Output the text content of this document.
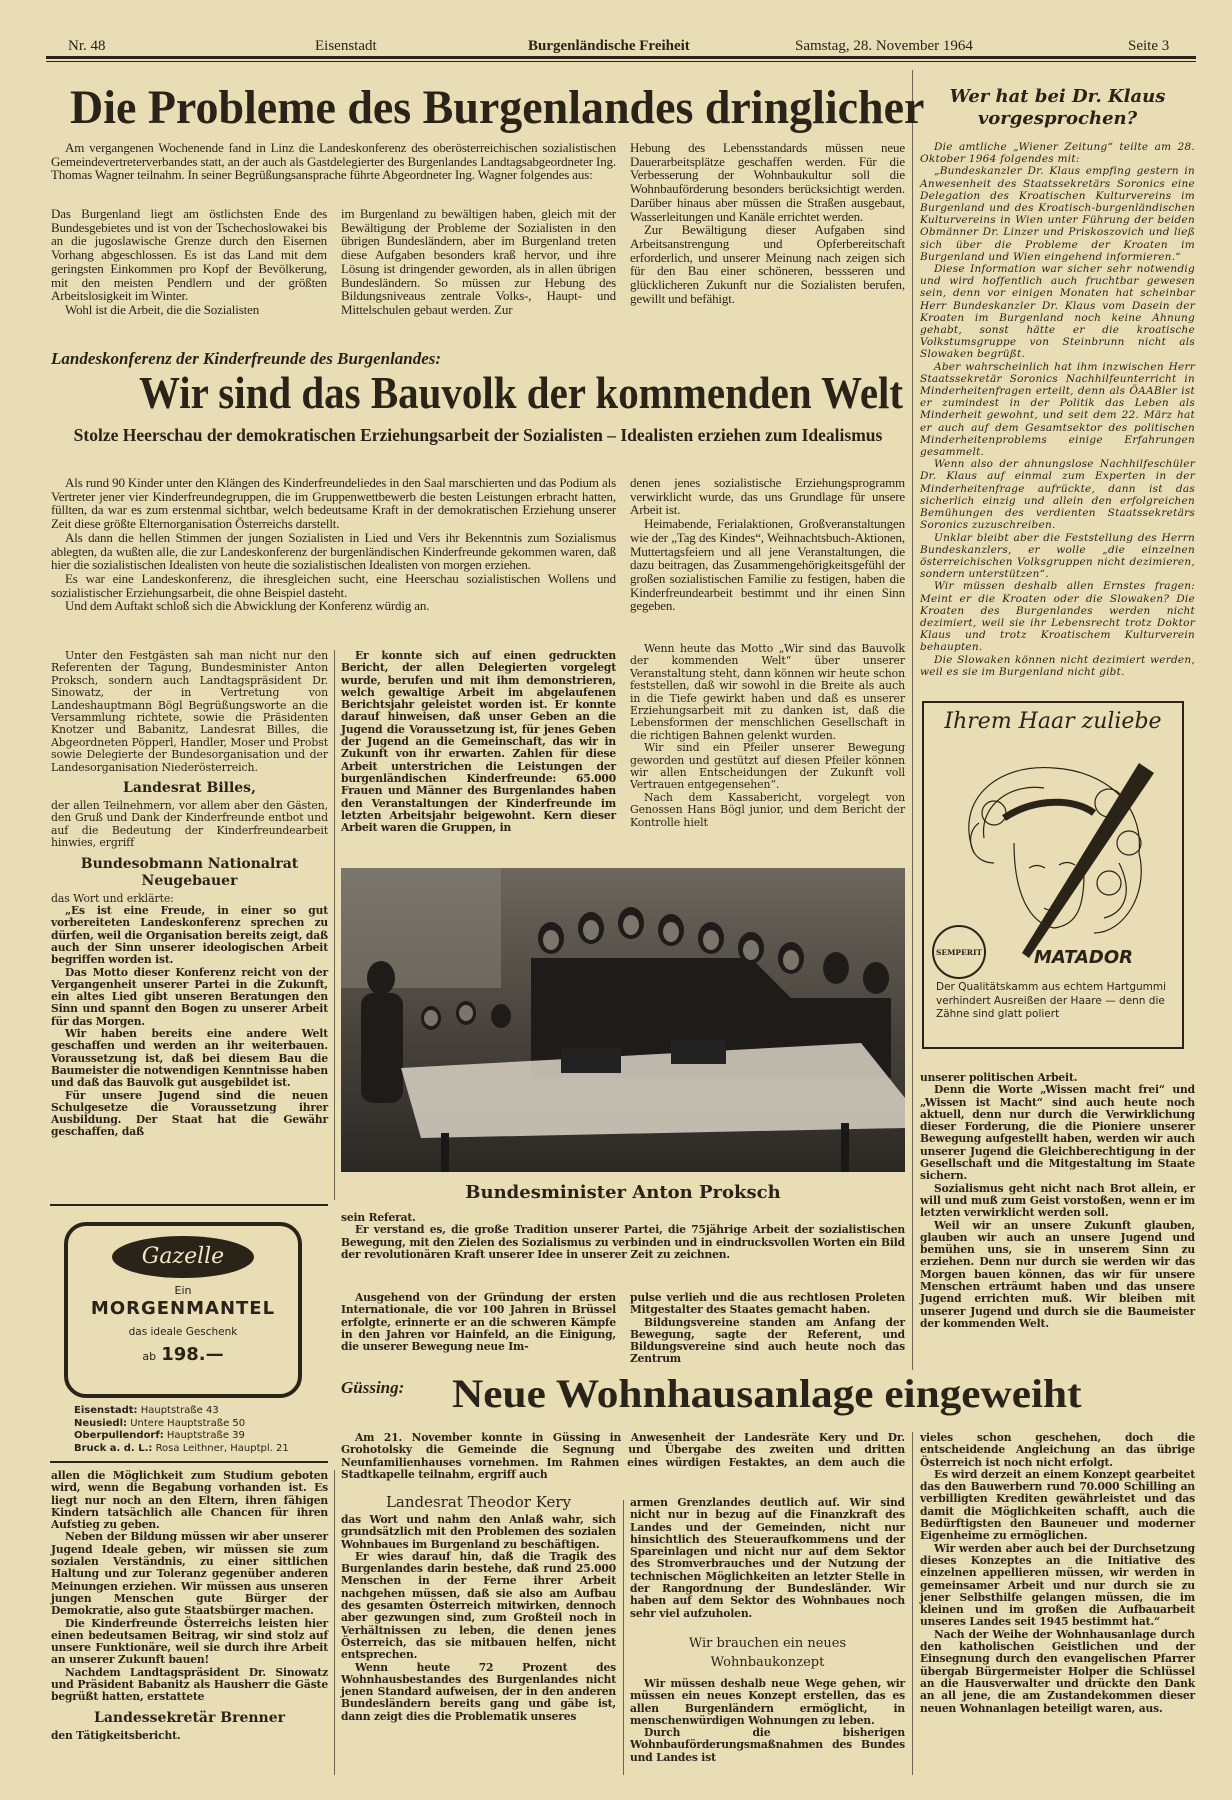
Nr. 48	Eisenstadt	Burgenländische Freiheit	Samstag, 28. November 1964	Seite 3
Die Probleme des Burgenlandes dringlicher

Am vergangenen Wochenende fand in Linz die Landeskonferenz des oberösterreichischen sozialistischen Gemeindevertreterverbandes statt, an der auch als Gastdelegierter des Burgenlandes Landtagsabgeordneter Ing. Thomas Wagner teilnahm. In seiner Begrüßungsansprache führte Abgeordneter Ing. Wagner folgendes aus:

Das Burgenland liegt am östlichsten Ende des Bundesgebietes und ist von der Tschechoslowakei bis an die jugoslawische Grenze durch den Eisernen Vorhang abgeschlossen. Es ist das Land mit dem geringsten Einkommen pro Kopf der Bevölkerung, mit den meisten Pendlern und der größten Arbeitslosigkeit im Winter.

Wohl ist die Arbeit, die die Sozialisten

im Burgenland zu bewältigen haben, gleich mit der Bewältigung der Probleme der Sozialisten in den übrigen Bundesländern, aber im Burgenland treten diese Aufgaben besonders kraß hervor, und ihre Lösung ist dringender geworden, als in allen übrigen Bundesländern. So müssen zur Hebung des Bildungsniveaus zentrale Volks-, Haupt- und Mittelschulen gebaut werden. Zur

Hebung des Lebensstandards müssen neue Dauerarbeitsplätze geschaffen werden. Für die Verbesserung der Wohnbaukultur soll die Wohnbauförderung besonders berücksichtigt werden. Darüber hinaus aber müssen die Straßen ausgebaut, Wasserleitungen und Kanäle errichtet werden.

Zur Bewältigung dieser Aufgaben sind Arbeitsanstrengung und Opferbereitschaft erforderlich, und unserer Meinung nach zeigen sich für den Bau einer schöneren, bessseren und glücklicheren Zukunft nur die Sozialisten berufen, gewillt und befähigt.

Wer hat bei Dr. Klaus vorgesprochen?

Die amtliche „Wiener Zeitung“ teilte am 28. Oktober 1964 folgendes mit:

„Bundeskanzler Dr. Klaus empfing gestern in Anwesenheit des Staatssekretärs Soronics eine Delegation des Kroatischen Kulturvereins im Burgenland und des Kroatisch-burgenländischen Kulturvereins in Wien unter Führung der beiden Obmänner Dr. Linzer und Priskoszovich und ließ sich über die Probleme der Kroaten im Burgenland und Wien eingehend informieren.“

Diese Information war sicher sehr notwendig und wird hoffentlich auch fruchtbar gewesen sein, denn vor einigen Monaten hat scheinbar Herr Bundeskanzler Dr. Klaus vom Dasein der Kroaten im Burgenland noch keine Ahnung gehabt, sonst hätte er die kroatische Volkstumsgruppe von Steinbrunn nicht als Slowaken begrüßt.

Aber wahrscheinlich hat ihm inzwischen Herr Staatssekretär Soronics Nachhilfeunterricht in Minderheitenfragen erteilt, denn als ÖAABler ist er zumindest in der Politik das Leben als Minderheit gewohnt, und seit dem 22. März hat er auch auf dem Gesamtsektor des politischen Minderheitenproblems einige Erfahrungen gesammelt.

Wenn also der ahnungslose Nachhilfeschüler Dr. Klaus auf einmal zum Experten in der Minderheitenfrage aufrückte, dann ist das sicherlich einzig und allein den erfolgreichen Bemühungen des verdienten Staatssekretärs Soronics zuzuschreiben.

Unklar bleibt aber die Feststellung des Herrn Bundeskanzlers, er wolle „die einzelnen österreichischen Volksgruppen nicht dezimieren, sondern unterstützen“.

Wir müssen deshalb allen Ernstes fragen: Meint er die Kroaten oder die Slowaken? Die Kroaten des Burgenlandes werden nicht dezimiert, weil sie ihr Lebensrecht trotz Doktor Klaus und trotz Kroatischem Kulturverein behaupten.

Die Slowaken können nicht dezimiert werden, weil es sie im Burgenland nicht gibt.

Landeskonferenz der Kinderfreunde des Burgenlandes:
Wir sind das Bauvolk der kommenden Welt
Stolze Heerschau der demokratischen Erziehungsarbeit der Sozialisten – Idealisten erziehen zum Idealismus

Als rund 90 Kinder unter den Klängen des Kinderfreundeliedes in den Saal marschierten und das Podium als Vertreter jener vier Kinderfreundegruppen, die im Gruppenwettbewerb die besten Leistungen erbracht hatten, füllten, da war es zum erstenmal sichtbar, welch bedeutsame Kraft in der demokratischen Erziehung unserer Zeit diese größte Elternorganisation Österreichs darstellt.

Als dann die hellen Stimmen der jungen Sozialisten in Lied und Vers ihr Bekenntnis zum Sozialismus ablegten, da wußten alle, die zur Landeskonferenz der burgenländischen Kinderfreunde gekommen waren, daß hier die sozialistischen Idealisten von heute die sozialistischen Idealisten von morgen erziehen.

Es war eine Landeskonferenz, die ihresgleichen sucht, eine Heerschau sozialistischen Wollens und sozialistischer Erziehungsarbeit, die ohne Beispiel dasteht.

Und dem Auftakt schloß sich die Abwicklung der Konferenz würdig an.

denen jenes sozialistische Erziehungsprogramm verwirklicht wurde, das uns Grundlage für unsere Arbeit ist.

Heimabende, Ferialaktionen, Großveranstaltungen wie der „Tag des Kindes“, Weihnachtsbuch-Aktionen, Muttertagsfeiern und all jene Veranstaltungen, die dazu beitragen, das Zusammengehörigkeitsgefühl der großen sozialistischen Familie zu festigen, haben die Kinderfreundearbeit bestimmt und ihr einen Sinn gegeben.

Wenn heute das Motto „Wir sind das Bauvolk der kommenden Welt“ über unserer Veranstaltung steht, dann können wir heute schon feststellen, daß wir sowohl in die Breite als auch in die Tiefe gewirkt haben und daß es unserer Erziehungsarbeit mit zu danken ist, daß die Lebensformen der menschlichen Gesellschaft in die richtigen Bahnen gelenkt wurden.

Wir sind ein Pfeiler unserer Bewegung geworden und gestützt auf diesen Pfeiler können wir allen Entscheidungen der Zukunft voll Vertrauen entgegensehen“.

Nach dem Kassabericht, vorgelegt von Genossen Hans Bögl junior, und dem Bericht der Kontrolle hielt

Unter den Festgästen sah man nicht nur den Referenten der Tagung, Bundesminister Anton Proksch, sondern auch Landtagspräsident Dr. Sinowatz, der in Vertretung von Landeshauptmann Bögl Begrüßungsworte an die Versammlung richtete, sowie die Präsidenten Knotzer und Babanitz, Landesrat Billes, die Abgeordneten Pöpperl, Handler, Moser und Probst sowie Delegierte der Bundesorganisation und der Landesorganisation Niederösterreich.

Landesrat Billes,

der allen Teilnehmern, vor allem aber den Gästen, den Gruß und Dank der Kinderfreunde entbot und auf die Bedeutung der Kinderfreundearbeit hinwies, ergriff

Bundesobmann Nationalrat Neugebauer

das Wort und erklärte:

„Es ist eine Freude, in einer so gut vorbereiteten Landeskonferenz sprechen zu dürfen, weil die Organisation bereits zeigt, daß auch der Sinn unserer ideologischen Arbeit begriffen worden ist.

Das Motto dieser Konferenz reicht von der Vergangenheit unserer Partei in die Zukunft, ein altes Lied gibt unseren Beratungen den Sinn und spannt den Bogen zu unserer Arbeit für das Morgen.

Wir haben bereits eine andere Welt geschaffen und werden an ihr weiterbauen. Voraussetzung ist, daß bei diesem Bau die Baumeister die notwendigen Kenntnisse haben und daß das Bauvolk gut ausgebildet ist.

Für unsere Jugend sind die neuen Schulgesetze die Voraussetzung ihrer Ausbildung. Der Staat hat die Gewähr geschaffen, daß

Er konnte sich auf einen gedruckten Bericht, der allen Delegierten vorgelegt wurde, berufen und mit ihm demonstrieren, welch gewaltige Arbeit im abgelaufenen Berichtsjahr geleistet worden ist. Er konnte darauf hinweisen, daß unser Geben an die Jugend die Voraussetzung ist, für jenes Geben der Jugend an die Gemeinschaft, das wir in Zukunft von ihr erwarten. Zahlen für diese Arbeit unterstrichen die Leistungen der burgenländischen Kinderfreunde: 65.000 Frauen und Männer des Burgenlandes haben den Veranstaltungen der Kinderfreunde im letzten Arbeitsjahr beigewohnt. Kern dieser Arbeit waren die Gruppen, in

Bundesminister Anton Proksch

sein Referat.

Er verstand es, die große Tradition unserer Partei, die 75jährige Arbeit der sozialistischen Bewegung, mit den Zielen des Sozialismus zu verbinden und in eindrucksvollen Worten ein Bild der revolutionären Kraft unserer Idee in unserer Zeit zu zeichnen.

Ausgehend von der Gründung der ersten Internationale, die vor 100 Jahren in Brüssel erfolgte, erinnerte er an die schweren Kämpfe in den Jahren vor Hainfeld, an die Einigung, die unserer Bewegung neue Im-

pulse verlieh und die aus rechtlosen Proleten Mitgestalter des Staates gemacht haben.

Bildungsvereine standen am Anfang der Bewegung, sagte der Referent, und Bildungsvereine sind auch heute noch das Zentrum

Ihrem Haar zuliebe
SEMPERIT	MATADOR
Der Qualitätskamm aus echtem Hartgummi verhindert Ausreißen der Haare — denn die Zähne sind glatt poliert

unserer politischen Arbeit.

Denn die Worte „Wissen macht frei“ und „Wissen ist Macht“ sind auch heute noch aktuell, denn nur durch die Verwirklichung dieser Forderung, die die Pioniere unserer Bewegung aufgestellt haben, werden wir auch unserer Jugend die Gleichberechtigung in der Gesellschaft und die Mitgestaltung im Staate sichern.

Sozialismus geht nicht nach Brot allein, er will und muß zum Geist vorstoßen, wenn er im letzten verwirklicht werden soll.

Weil wir an unsere Zukunft glauben, glauben wir auch an unsere Jugend und bemühen uns, sie in unserem Sinn zu erziehen. Denn nur durch sie werden wir das Morgen bauen können, das wir für unsere Menschen erträumt haben und das unsere Jugend errichten muß. Wir bleiben mit unserer Jugend und durch sie die Baumeister der kommenden Welt.

Gazelle
Ein
MORGENMANTEL
das ideale Geschenk
ab 198.—
Eisenstadt: Hauptstraße 43
Neusiedl: Untere Hauptstraße 50
Oberpullendorf: Hauptstraße 39
Bruck a. d. L.: Rosa Leithner, Hauptpl. 21

allen die Möglichkeit zum Studium geboten wird, wenn die Begabung vorhanden ist. Es liegt nur noch an den Eltern, ihren fähigen Kindern tatsächlich alle Chancen für ihren Aufstieg zu geben.

Neben der Bildung müssen wir aber unserer Jugend Ideale geben, wir müssen sie zum sozialen Verständnis, zu einer sittlichen Haltung und zur Toleranz gegenüber anderen Meinungen erziehen. Wir müssen aus unseren jungen Menschen gute Bürger der Demokratie, also gute Staatsbürger machen.

Die Kinderfreunde Österreichs leisten hier einen bedeutsamen Beitrag, wir sind stolz auf unsere Funktionäre, weil sie durch ihre Arbeit an unserer Zukunft bauen!

Nachdem Landtagspräsident Dr. Sinowatz und Präsident Babanitz als Hausherr die Gäste begrüßt hatten, erstattete

Landessekretär Brenner

den Tätigkeitsbericht.

Güssing:	Neue Wohnhausanlage eingeweiht

Am 21. November konnte in Güssing in Anwesenheit der Landesräte Kery und Dr. Grohotolsky die Gemeinde die Segnung und Übergabe des zweiten und dritten Neunfamilienhauses vornehmen. Im Rahmen eines würdigen Festaktes, an dem auch die Stadtkapelle teilnahm, ergriff auch

Landesrat Theodor Kery

das Wort und nahm den Anlaß wahr, sich grundsätzlich mit den Problemen des sozialen Wohnbaues im Burgenland zu beschäftigen.

Er wies darauf hin, daß die Tragik des Burgenlandes darin bestehe, daß rund 25.000 Menschen in der Ferne ihrer Arbeit nachgehen müssen, daß sie also am Aufbau des gesamten Österreich mitwirken, dennoch aber gezwungen sind, zum Großteil noch in Verhältnissen zu leben, die denen jenes Österreich, das sie mitbauen helfen, nicht entsprechen.

Wenn heute 72 Prozent des Wohnhausbestandes des Burgenlandes nicht jenen Standard aufweisen, der in den anderen Bundesländern bereits gang und gäbe ist, dann zeigt dies die Problematik unseres

armen Grenzlandes deutlich auf. Wir sind nicht nur in bezug auf die Finanzkraft des Landes und der Gemeinden, nicht nur hinsichtlich des Steueraufkommens und der Spareinlagen und nicht nur auf dem Sektor des Stromverbrauches und der Nutzung der technischen Möglichkeiten an letzter Stelle in der Rangordnung der Bundesländer. Wir haben auf dem Sektor des Wohnbaues noch sehr viel aufzuholen.

Wir brauchen ein neues Wohnbaukonzept

Wir müssen deshalb neue Wege gehen, wir müssen ein neues Konzept erstellen, das es allen Burgenländern ermöglicht, in menschenwürdigen Wohnungen zu leben.

Durch die bisherigen Wohnbauförderungsmaßnahmen des Bundes und Landes ist

vieles schon geschehen, doch die entscheidende Angleichung an das übrige Österreich ist noch nicht erfolgt.

Es wird derzeit an einem Konzept gearbeitet das den Bauwerbern rund 70.000 Schilling an verbilligten Krediten gewährleistet und das damit die Möglichkeiten schafft, auch die Bedürftigsten den Bauneuer und moderner Eigenheime zu ermöglichen.

Wir werden aber auch bei der Durchsetzung dieses Konzeptes an die Initiative des einzelnen appellieren müssen, wir werden in gemeinsamer Arbeit und nur durch sie zu jener Selbsthilfe gelangen müssen, die im kleinen und im großen die Aufbauarbeit unseres Landes seit 1945 bestimmt hat.“

Nach der Weihe der Wohnhausanlage durch den katholischen Geistlichen und der Einsegnung durch den evangelischen Pfarrer übergab Bürgermeister Holper die Schlüssel an die Hausverwalter und drückte den Dank an all jene, die am Zustandekommen dieser neuen Wohnanlagen beteiligt waren, aus.
